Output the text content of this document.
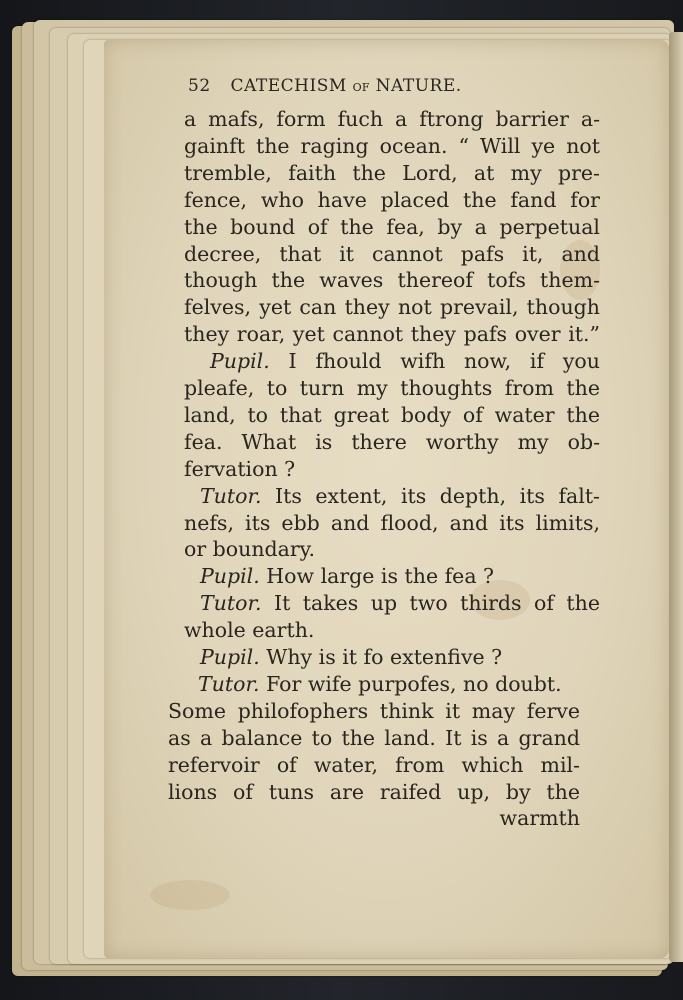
52 CATECHISM OF NATURE.
a mafs, form fuch a ftrong barrier a-
gainft the raging ocean. “ Will ye not
tremble, faith the Lord, at my pre-
fence, who have placed the fand for
the bound of the fea, by a perpetual
decree, that it cannot pafs it, and
though the waves thereof tofs them-
felves, yet can they not prevail, though
they roar, yet cannot they pafs over it.”
Pupil. I fhould wifh now, if you
pleafe, to turn my thoughts from the
land, to that great body of water the
fea. What is there worthy my ob-
fervation ?
Tutor. Its extent, its depth, its falt-
nefs, its ebb and flood, and its limits,
or boundary.
Pupil. How large is the fea ?
Tutor. It takes up two thirds of the
whole earth.
Pupil. Why is it fo extenfive ?
Tutor. For wife purpofes, no doubt.
Some philofophers think it may ferve
as a balance to the land. It is a grand
refervoir of water, from which mil-
lions of tuns are raifed up, by the
warmth
